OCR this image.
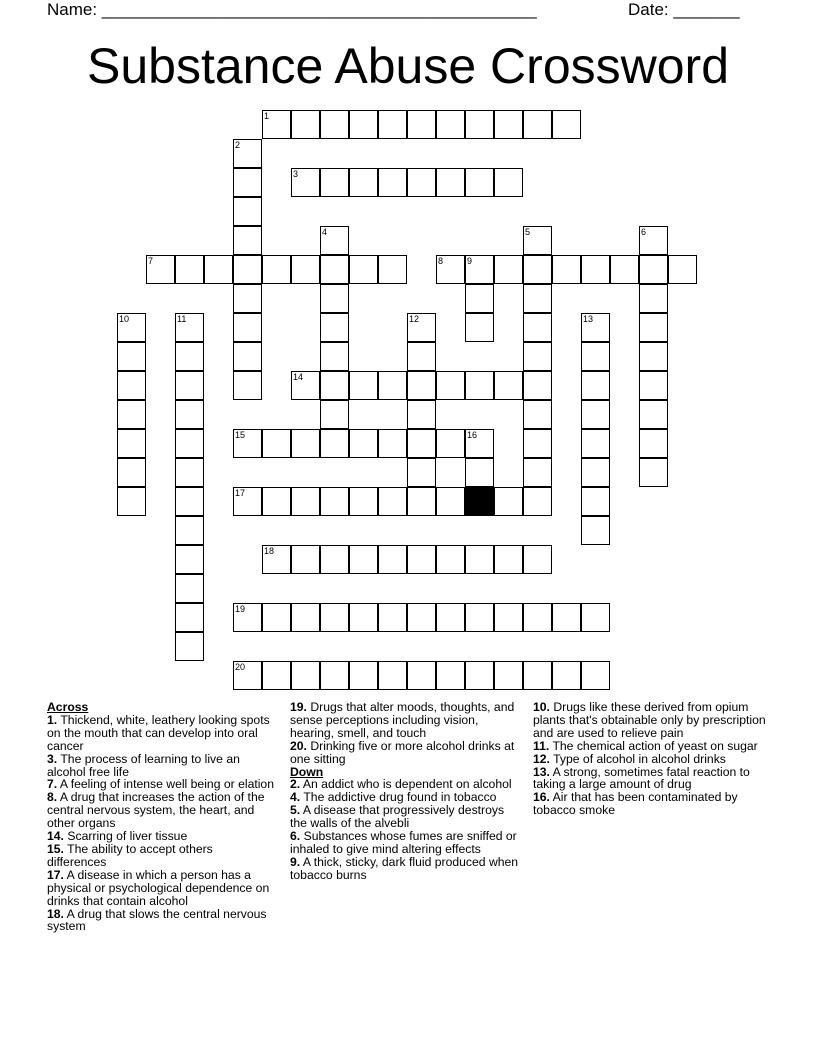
Name: ______________________________________________	Date: _______
Substance Abuse Crossword
1
2
3
4	5	6
7	8	9
10	11	12	13
14
15	16
17
18
19
20
Across

1. Thickend, white, leathery looking spots on the mouth that can develop into oral cancer

3. The process of learning to live an alcohol free life

7. A feeling of intense well being or elation

8. A drug that increases the action of the central nervous system, the heart, and other organs

14. Scarring of liver tissue

15. The ability to accept others differences

17. A disease in which a person has a physical or psychological dependence on drinks that contain alcohol

18. A drug that slows the central nervous system

19. Drugs that alter moods, thoughts, and sense perceptions including vision, hearing, smell, and touch

20. Drinking five or more alcohol drinks at one sitting

Down

2. An addict who is dependent on alcohol

4. The addictive drug found in tobacco

5. A disease that progressively destroys the walls of the alvebli

6. Substances whose fumes are sniffed or inhaled to give mind altering effects

9. A thick, sticky, dark fluid produced when tobacco burns

10. Drugs like these derived from opium plants that's obtainable only by prescription and are used to relieve pain

11. The chemical action of yeast on sugar

12. Type of alcohol in alcohol drinks

13. A strong, sometimes fatal reaction to taking a large amount of drug

16. Air that has been contaminated by tobacco smoke
